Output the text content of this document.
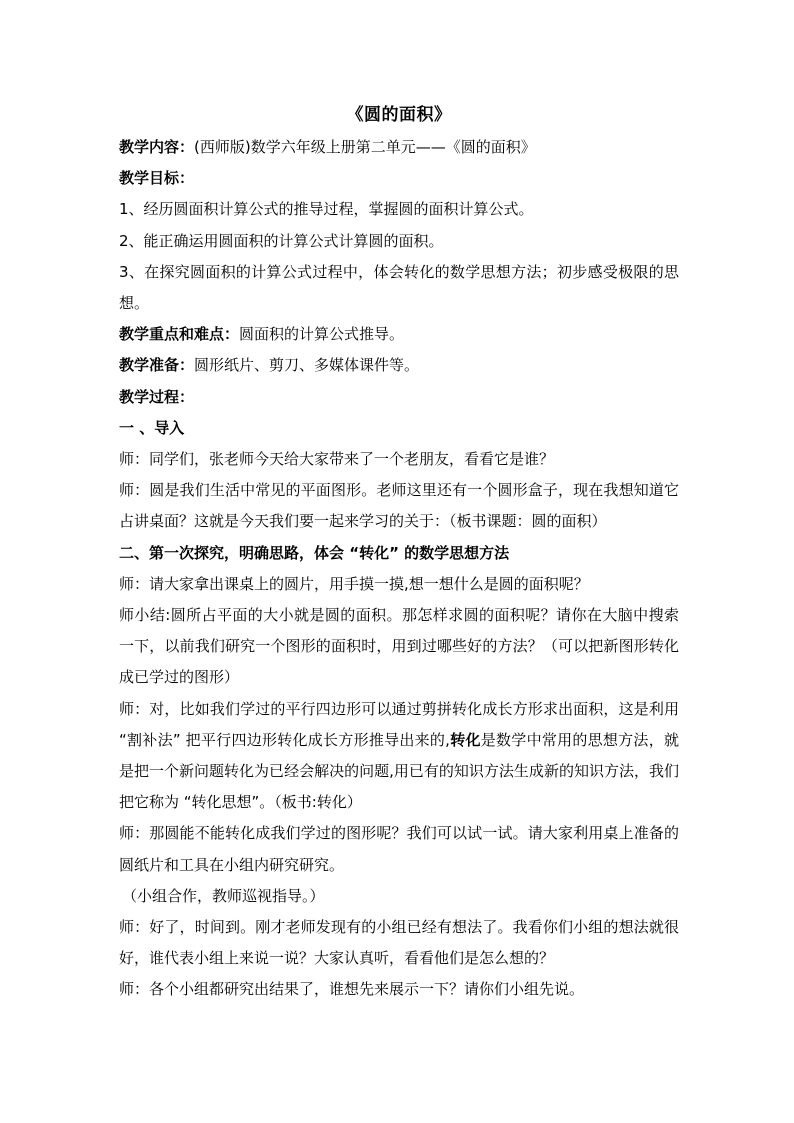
《圆的面积》

教学内容：(西师版)数学六年级上册第二单元——《圆的面积》

教学目标：

1、经历圆面积计算公式的推导过程，掌握圆的面积计算公式。

2、能正确运用圆面积的计算公式计算圆的面积。

3、在探究圆面积的计算公式过程中，体会转化的数学思想方法；初步感受极限的思想。

教学重点和难点：圆面积的计算公式推导。

教学准备：圆形纸片、剪刀、多媒体课件等。

教学过程：

一 、导入

师：同学们，张老师今天给大家带来了一个老朋友，看看它是谁？

师：圆是我们生活中常见的平面图形。老师这里还有一个圆形盒子，现在我想知道它占讲桌面？这就是今天我们要一起来学习的关于：（板书课题：圆的面积）

二、第一次探究，明确思路，体会 “转化” 的数学思想方法

师：请大家拿出课桌上的圆片，用手摸一摸,想一想什么是圆的面积呢？

师小结:圆所占平面的大小就是圆的面积。那怎样求圆的面积呢？请你在大脑中搜索一下，以前我们研究一个图形的面积时，用到过哪些好的方法？（可以把新图形转化成已学过的图形）

师：对，比如我们学过的平行四边形可以通过剪拼转化成长方形求出面积，这是利用 “割补法” 把平行四边形转化成长方形推导出来的,转化是数学中常用的思想方法，就是把一个新问题转化为已经会解决的问题,用已有的知识方法生成新的知识方法，我们把它称为 “转化思想”。（板书:转化）

师：那圆能不能转化成我们学过的图形呢？我们可以试一试。请大家利用桌上准备的圆纸片和工具在小组内研究研究。

（小组合作，教师巡视指导。）

师：好了，时间到。刚才老师发现有的小组已经有想法了。我看你们小组的想法就很好，谁代表小组上来说一说？大家认真听，看看他们是怎么想的？

师：各个小组都研究出结果了，谁想先来展示一下？请你们小组先说。
